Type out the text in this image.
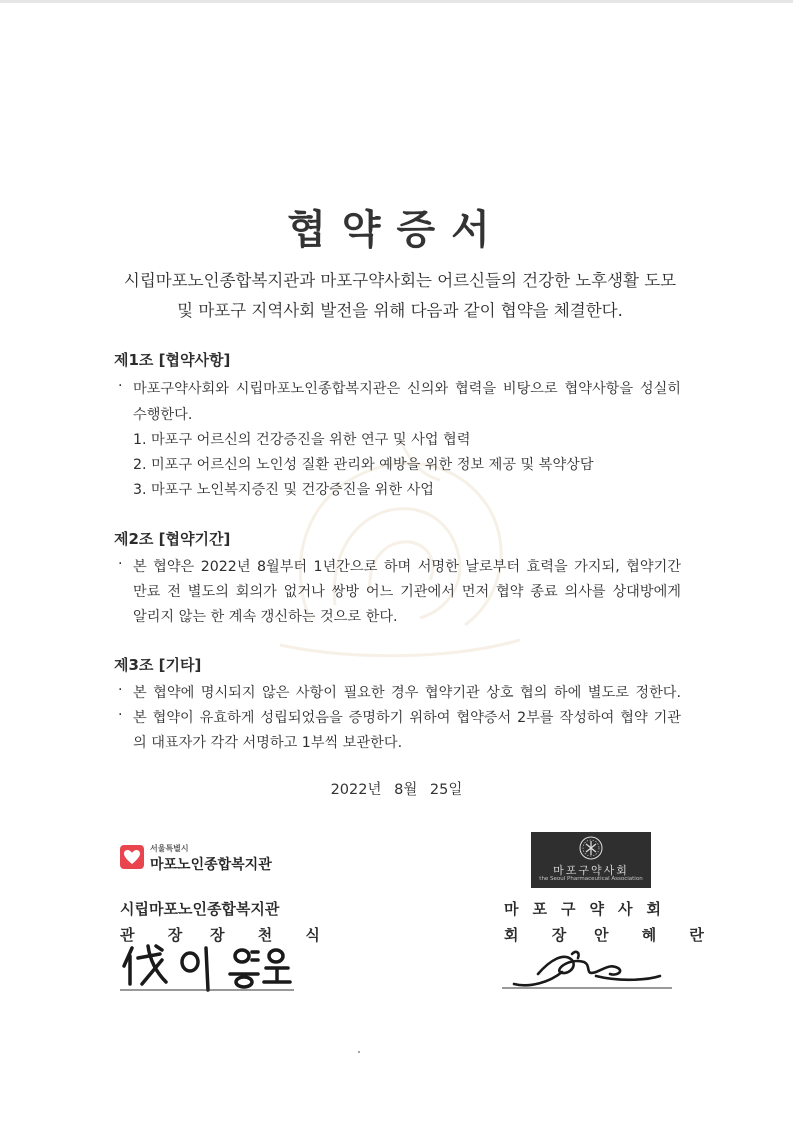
협약증서
시립마포노인종합복지관과 마포구약사회는 어르신들의 건강한 노후생활 도모
및 마포구 지역사회 발전을 위해 다음과 같이 협약을 체결한다.
제1조 [협약사항]
· 마포구약사회와 시립마포노인종합복지관은 신의와 협력을 비탕으로 협약사항을 성실히
수행한다.
1. 마포구 어르신의 건강증진을 위한 연구 및 사업 협력
2. 미포구 어르신의 노인성 질환 관리와 예방을 위한 정보 제공 및 복약상담
3. 마포구 노인복지증진 및 건강증진을 위한 사업
제2조 [협약기간]
· 본 협약은 2022년 8월부터 1년간으로 하며 서명한 날로부터 효력을 가지되, 협약기간
만료 전 별도의 회의가 없거나 쌍방 어느 기관에서 먼저 협약 종료 의사를 상대방에게
알리지 않는 한 계속 갱신하는 것으로 한다.
제3조 [기타]
· 본 협약에 명시되지 않은 사항이 필요한 경우 협약기관 상호 협의 하에 별도로 정한다.
· 본 협약이 유효하게 성립되었음을 증명하기 위하여 협약증서 2부를 작성하여 협약 기관
의 대표자가 각각 서명하고 1부씩 보관한다.
2022년 8월 25일
서울특별시
마포노인종합복지관
시립마포노인종합복지관
관 장 장 천 식
마포구약사회
the Seoul Pharmaceutical Association
마포구약사회
회 장 안 혜 란
